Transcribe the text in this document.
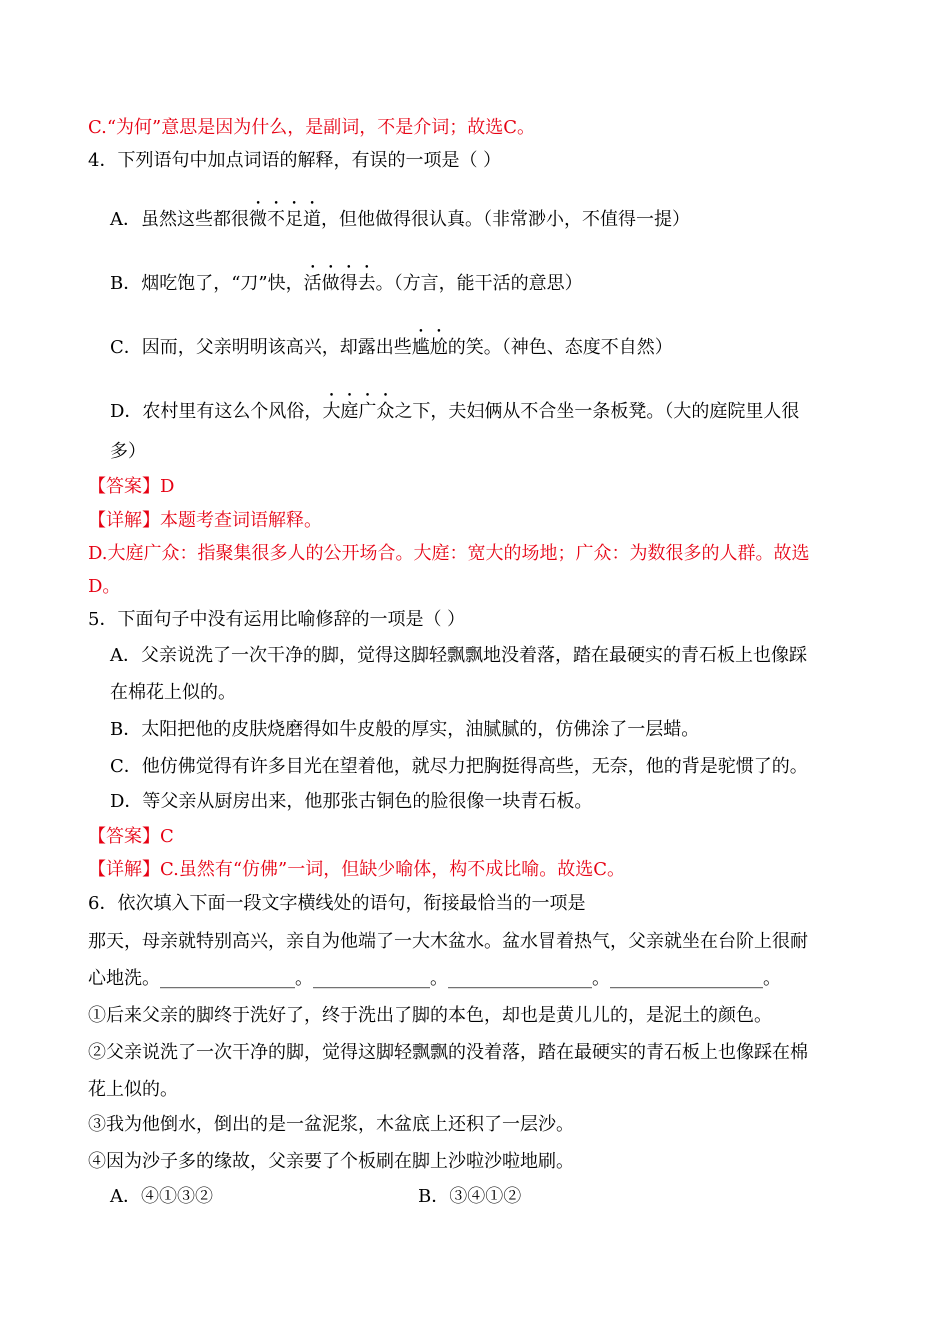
C.“为何”意思是因为什么，是副词，不是介词；故选C。
4．下列语句中加点词语的解释，有误的一项是（ ）
A．虽然这些都很微不足道，但他做得很认真。（非常渺小，不值得一提）
B．烟吃饱了，“刀”快，活做得去。（方言，能干活的意思）
C．因而，父亲明明该高兴，却露出些尴尬的笑。（神色、态度不自然）
D．农村里有这么个风俗，大庭广众之下，夫妇俩从不合坐一条板凳。（大的庭院里人很
多）
【答案】D
【详解】本题考查词语解释。
D.大庭广众：指聚集很多人的公开场合。大庭：宽大的场地；广众：为数很多的人群。故选
D。
5．下面句子中没有运用比喻修辞的一项是（ ）
A．父亲说洗了一次干净的脚，觉得这脚轻飘飘地没着落，踏在最硬实的青石板上也像踩
在棉花上似的。
B．太阳把他的皮肤烧磨得如牛皮般的厚实，油腻腻的，仿佛涂了一层蜡。
C．他仿佛觉得有许多目光在望着他，就尽力把胸挺得高些，无奈，他的背是驼惯了的。
D．等父亲从厨房出来，他那张古铜色的脸很像一块青石板。
【答案】C
【详解】C.虽然有“仿佛”一词，但缺少喻体，构不成比喻。故选C。
6．依次填入下面一段文字横线处的语句，衔接最恰当的一项是
那天，母亲就特别高兴，亲自为他端了一大木盆水。盆水冒着热气，父亲就坐在台阶上很耐
心地洗。_______________。_____________。________________。_________________。
①后来父亲的脚终于洗好了，终于洗出了脚的本色，却也是黄儿儿的，是泥土的颜色。
②父亲说洗了一次干净的脚，觉得这脚轻飘飘的没着落，踏在最硬实的青石板上也像踩在棉
花上似的。
③我为他倒水，倒出的是一盆泥浆，木盆底上还积了一层沙。
④因为沙子多的缘故，父亲要了个板刷在脚上沙啦沙啦地刷。
A．④①③②	B．③④①②
